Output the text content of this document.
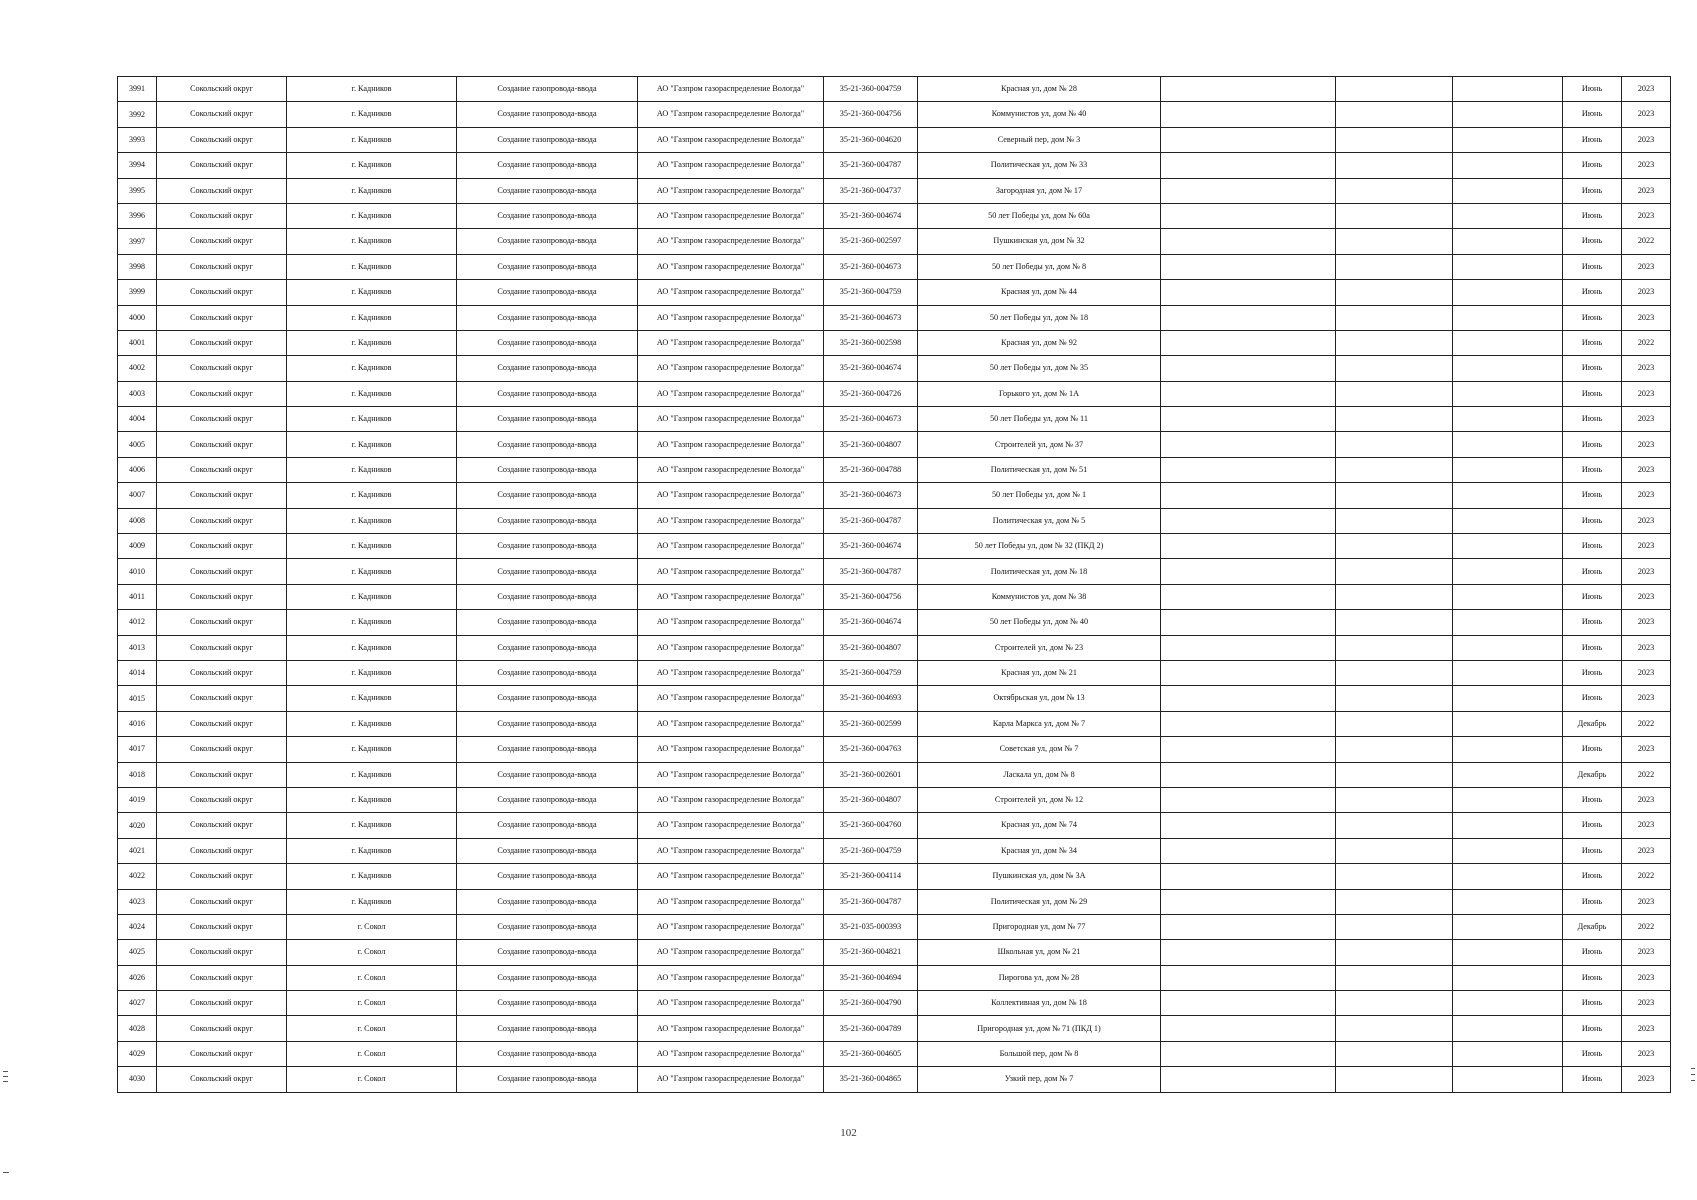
3991	Сокольский округ	г. Кадников	Создание газопровода-ввода	АО "Газпром газораспределение Вологда"	35-21-360-004759	Красная ул, дом № 28				Июнь	2023
3992	Сокольский округ	г. Кадников	Создание газопровода-ввода	АО "Газпром газораспределение Вологда"	35-21-360-004756	Коммунистов ул, дом № 40				Июнь	2023
3993	Сокольский округ	г. Кадников	Создание газопровода-ввода	АО "Газпром газораспределение Вологда"	35-21-360-004620	Северный пер, дом № 3				Июнь	2023
3994	Сокольский округ	г. Кадников	Создание газопровода-ввода	АО "Газпром газораспределение Вологда"	35-21-360-004787	Политическая ул, дом № 33				Июнь	2023
3995	Сокольский округ	г. Кадников	Создание газопровода-ввода	АО "Газпром газораспределение Вологда"	35-21-360-004737	Загородная ул, дом № 17				Июнь	2023
3996	Сокольский округ	г. Кадников	Создание газопровода-ввода	АО "Газпром газораспределение Вологда"	35-21-360-004674	50 лет Победы ул, дом № 60а				Июнь	2023
3997	Сокольский округ	г. Кадников	Создание газопровода-ввода	АО "Газпром газораспределение Вологда"	35-21-360-002597	Пушкинская ул, дом № 32				Июнь	2022
3998	Сокольский округ	г. Кадников	Создание газопровода-ввода	АО "Газпром газораспределение Вологда"	35-21-360-004673	50 лет Победы ул, дом № 8				Июнь	2023
3999	Сокольский округ	г. Кадников	Создание газопровода-ввода	АО "Газпром газораспределение Вологда"	35-21-360-004759	Красная ул, дом № 44				Июнь	2023
4000	Сокольский округ	г. Кадников	Создание газопровода-ввода	АО "Газпром газораспределение Вологда"	35-21-360-004673	50 лет Победы ул, дом № 18				Июнь	2023
4001	Сокольский округ	г. Кадников	Создание газопровода-ввода	АО "Газпром газораспределение Вологда"	35-21-360-002598	Красная ул, дом № 92				Июнь	2022
4002	Сокольский округ	г. Кадников	Создание газопровода-ввода	АО "Газпром газораспределение Вологда"	35-21-360-004674	50 лет Победы ул, дом № 35				Июнь	2023
4003	Сокольский округ	г. Кадников	Создание газопровода-ввода	АО "Газпром газораспределение Вологда"	35-21-360-004726	Горького ул, дом № 1А				Июнь	2023
4004	Сокольский округ	г. Кадников	Создание газопровода-ввода	АО "Газпром газораспределение Вологда"	35-21-360-004673	50 лет Победы ул, дом № 11				Июнь	2023
4005	Сокольский округ	г. Кадников	Создание газопровода-ввода	АО "Газпром газораспределение Вологда"	35-21-360-004807	Строителей ул, дом № 37				Июнь	2023
4006	Сокольский округ	г. Кадников	Создание газопровода-ввода	АО "Газпром газораспределение Вологда"	35-21-360-004788	Политическая ул, дом № 51				Июнь	2023
4007	Сокольский округ	г. Кадников	Создание газопровода-ввода	АО "Газпром газораспределение Вологда"	35-21-360-004673	50 лет Победы ул, дом № 1				Июнь	2023
4008	Сокольский округ	г. Кадников	Создание газопровода-ввода	АО "Газпром газораспределение Вологда"	35-21-360-004787	Политическая ул, дом № 5				Июнь	2023
4009	Сокольский округ	г. Кадников	Создание газопровода-ввода	АО "Газпром газораспределение Вологда"	35-21-360-004674	50 лет Победы ул, дом № 32 (ПКД 2)				Июнь	2023
4010	Сокольский округ	г. Кадников	Создание газопровода-ввода	АО "Газпром газораспределение Вологда"	35-21-360-004787	Политическая ул, дом № 18				Июнь	2023
4011	Сокольский округ	г. Кадников	Создание газопровода-ввода	АО "Газпром газораспределение Вологда"	35-21-360-004756	Коммунистов ул, дом № 38				Июнь	2023
4012	Сокольский округ	г. Кадников	Создание газопровода-ввода	АО "Газпром газораспределение Вологда"	35-21-360-004674	50 лет Победы ул, дом № 40				Июнь	2023
4013	Сокольский округ	г. Кадников	Создание газопровода-ввода	АО "Газпром газораспределение Вологда"	35-21-360-004807	Строителей ул, дом № 23				Июнь	2023
4014	Сокольский округ	г. Кадников	Создание газопровода-ввода	АО "Газпром газораспределение Вологда"	35-21-360-004759	Красная ул, дом № 21				Июнь	2023
4015	Сокольский округ	г. Кадников	Создание газопровода-ввода	АО "Газпром газораспределение Вологда"	35-21-360-004693	Октябрьская ул, дом № 13				Июнь	2023
4016	Сокольский округ	г. Кадников	Создание газопровода-ввода	АО "Газпром газораспределение Вологда"	35-21-360-002599	Карла Маркса ул, дом № 7				Декабрь	2022
4017	Сокольский округ	г. Кадников	Создание газопровода-ввода	АО "Газпром газораспределение Вологда"	35-21-360-004763	Советская ул, дом № 7				Июнь	2023
4018	Сокольский округ	г. Кадников	Создание газопровода-ввода	АО "Газпром газораспределение Вологда"	35-21-360-002601	Ласкала ул, дом № 8				Декабрь	2022
4019	Сокольский округ	г. Кадников	Создание газопровода-ввода	АО "Газпром газораспределение Вологда"	35-21-360-004807	Строителей ул, дом № 12				Июнь	2023
4020	Сокольский округ	г. Кадников	Создание газопровода-ввода	АО "Газпром газораспределение Вологда"	35-21-360-004760	Красная ул, дом № 74				Июнь	2023
4021	Сокольский округ	г. Кадников	Создание газопровода-ввода	АО "Газпром газораспределение Вологда"	35-21-360-004759	Красная ул, дом № 34				Июнь	2023
4022	Сокольский округ	г. Кадников	Создание газопровода-ввода	АО "Газпром газораспределение Вологда"	35-21-360-004114	Пушкинская ул, дом № 3А				Июнь	2022
4023	Сокольский округ	г. Кадников	Создание газопровода-ввода	АО "Газпром газораспределение Вологда"	35-21-360-004787	Политическая ул, дом № 29				Июнь	2023
4024	Сокольский округ	г. Сокол	Создание газопровода-ввода	АО "Газпром газораспределение Вологда"	35-21-035-000393	Пригородная ул, дом № 77				Декабрь	2022
4025	Сокольский округ	г. Сокол	Создание газопровода-ввода	АО "Газпром газораспределение Вологда"	35-21-360-004821	Школьная ул, дом № 21				Июнь	2023
4026	Сокольский округ	г. Сокол	Создание газопровода-ввода	АО "Газпром газораспределение Вологда"	35-21-360-004694	Пирогова ул, дом № 28				Июнь	2023
4027	Сокольский округ	г. Сокол	Создание газопровода-ввода	АО "Газпром газораспределение Вологда"	35-21-360-004790	Коллективная ул, дом № 18				Июнь	2023
4028	Сокольский округ	г. Сокол	Создание газопровода-ввода	АО "Газпром газораспределение Вологда"	35-21-360-004789	Пригородная ул, дом № 71 (ПКД 1)				Июнь	2023
4029	Сокольский округ	г. Сокол	Создание газопровода-ввода	АО "Газпром газораспределение Вологда"	35-21-360-004605	Большой пер, дом № 8				Июнь	2023
4030	Сокольский округ	г. Сокол	Создание газопровода-ввода	АО "Газпром газораспределение Вологда"	35-21-360-004865	Узкий пер, дом № 7				Июнь	2023
102
